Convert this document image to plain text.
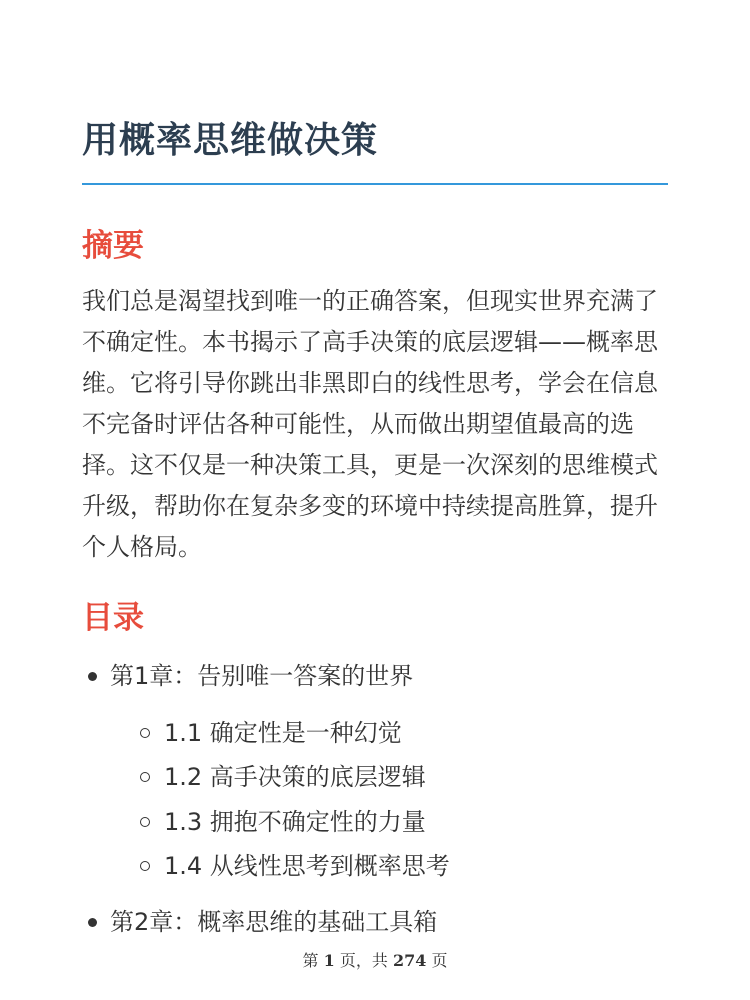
用概率思维做决策
摘要

我们总是渴望找到唯一的正确答案，但现实世界充满了不确定性。本书揭示了高手决策的底层逻辑——概率思维。它将引导你跳出非黑即白的线性思考，学会在信息不完备时评估各种可能性，从而做出期望值最高的选择。这不仅是一种决策工具，更是一次深刻的思维模式升级，帮助你在复杂多变的环境中持续提高胜算，提升个人格局。

目录
第1章：告别唯一答案的世界
1.1 确定性是一种幻觉
1.2 高手决策的底层逻辑
1.3 拥抱不确定性的力量
1.4 从线性思考到概率思考
第2章：概率思维的基础工具箱
第 1 页，共 274 页
